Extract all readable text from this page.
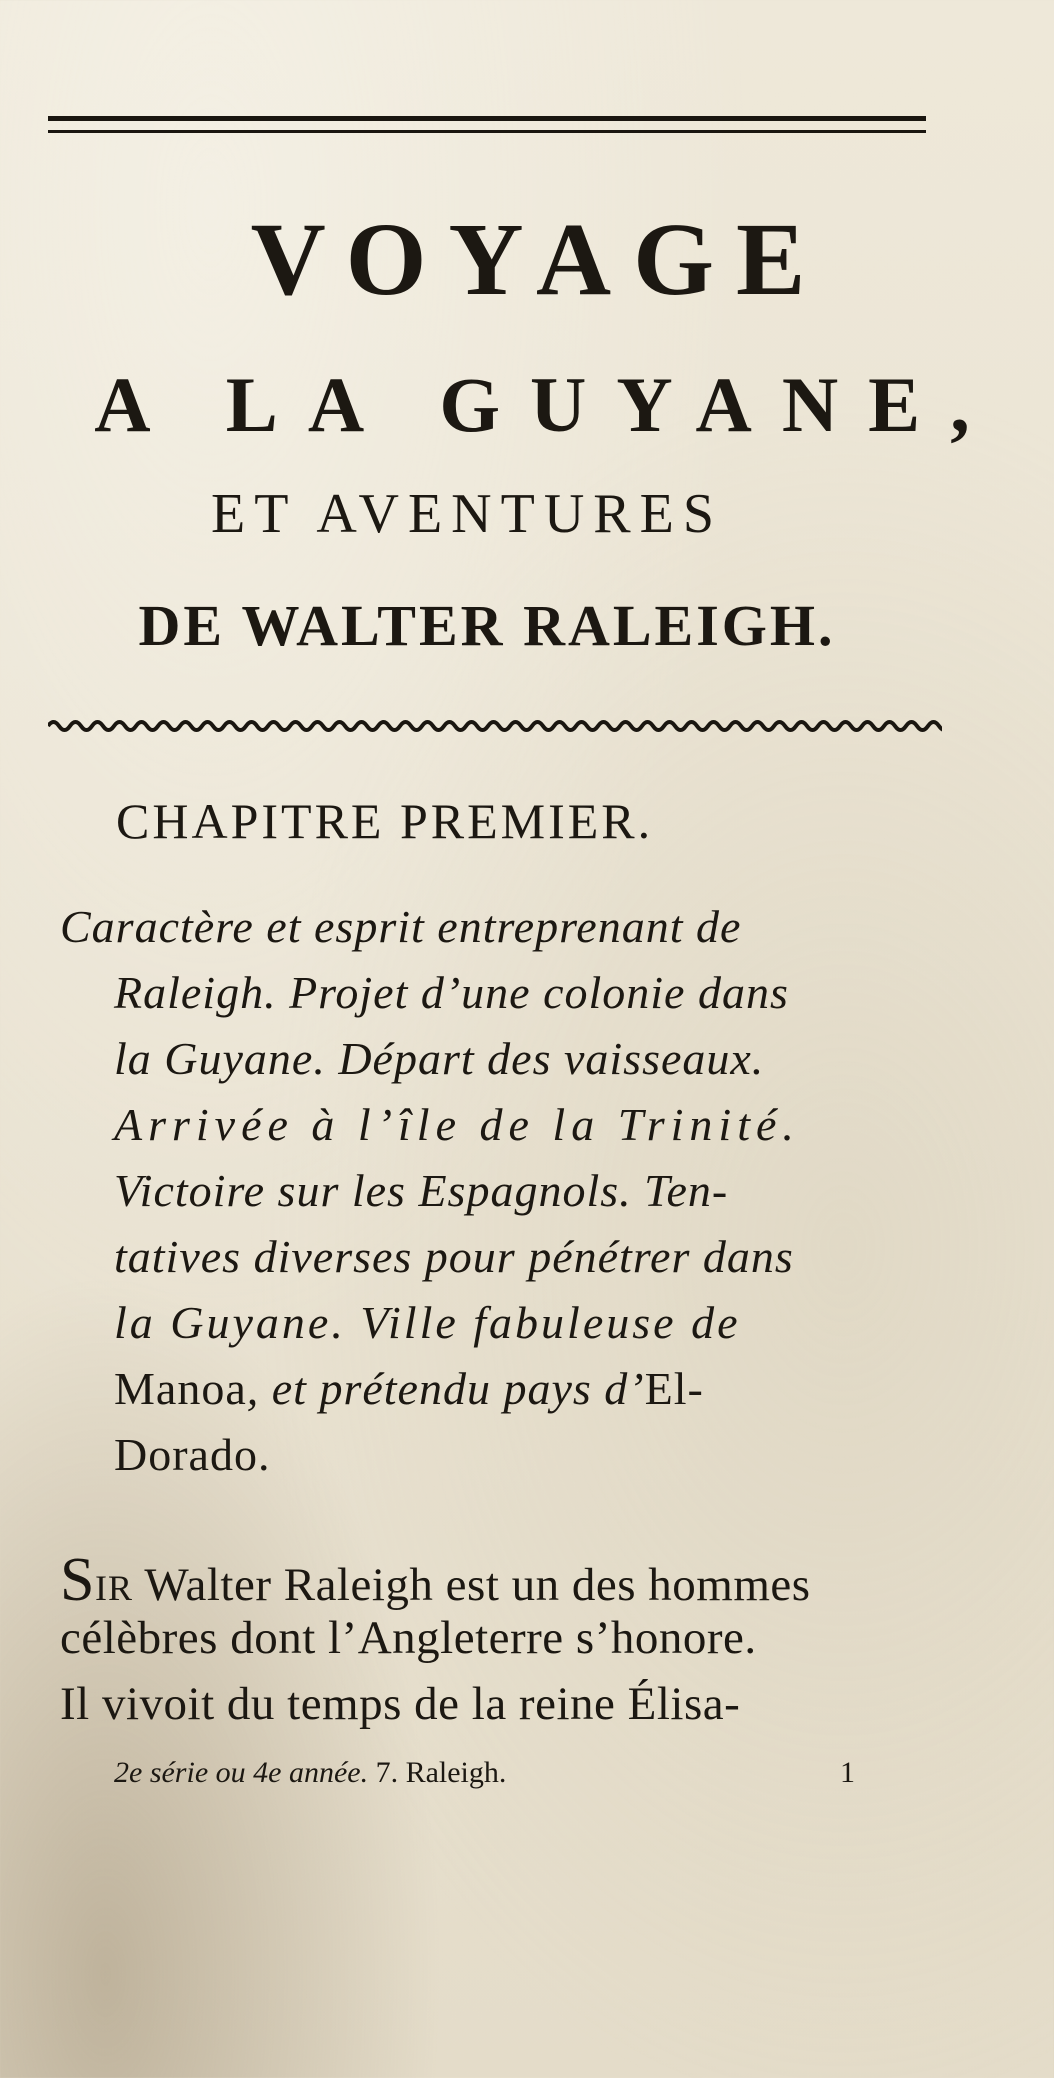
VOYAGE
A LA GUYANE,
ET AVENTURES
DE WALTER RALEIGH.
CHAPITRE PREMIER.
Caractère et esprit entreprenant de
Raleigh. Projet d’une colonie dans
la Guyane. Départ des vaisseaux.
Arrivée à l’île de la Trinité.
Victoire sur les Espagnols. Ten-
tatives diverses pour pénétrer dans
la Guyane. Ville fabuleuse de
Manoa, et prétendu pays d’El-
Dorado.
SIR Walter Raleigh est un des hommes
célèbres dont l’Angleterre s’honore.
Il vivoit du temps de la reine Élisa-
2e série ou 4e année. 7. Raleigh.	1
